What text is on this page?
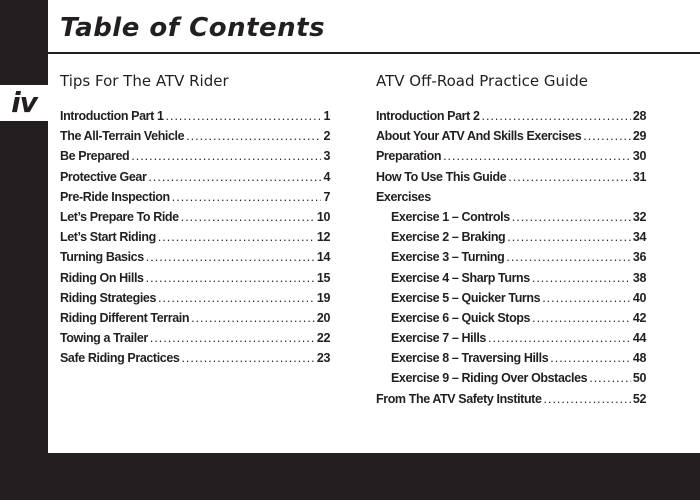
iv
Table of Contents
Tips For The ATV Rider
Introduction Part 1 .....	1
The All-Terrain Vehicle .....	2
Be Prepared .....	3
Protective Gear .....	4
Pre-Ride Inspection .....	7
Let’s Prepare To Ride .....	10
Let’s Start Riding .....	12
Turning Basics .....	14
Riding On Hills .....	15
Riding Strategies .....	19
Riding Different Terrain .....	20
Towing a Trailer .....	22
Safe Riding Practices .....	23
ATV Off-Road Practice Guide
Introduction Part 2 .....	28
About Your ATV And Skills Exercises .....	29
Preparation .....	30
How To Use This Guide .....	31
Exercises
Exercise 1 – Controls .....	32
Exercise 2 – Braking .....	34
Exercise 3 – Turning .....	36
Exercise 4 – Sharp Turns .....	38
Exercise 5 – Quicker Turns .....	40
Exercise 6 – Quick Stops .....	42
Exercise 7 – Hills .....	44
Exercise 8 – Traversing Hills .....	48
Exercise 9 – Riding Over Obstacles .....	50
From The ATV Safety Institute .....	52
